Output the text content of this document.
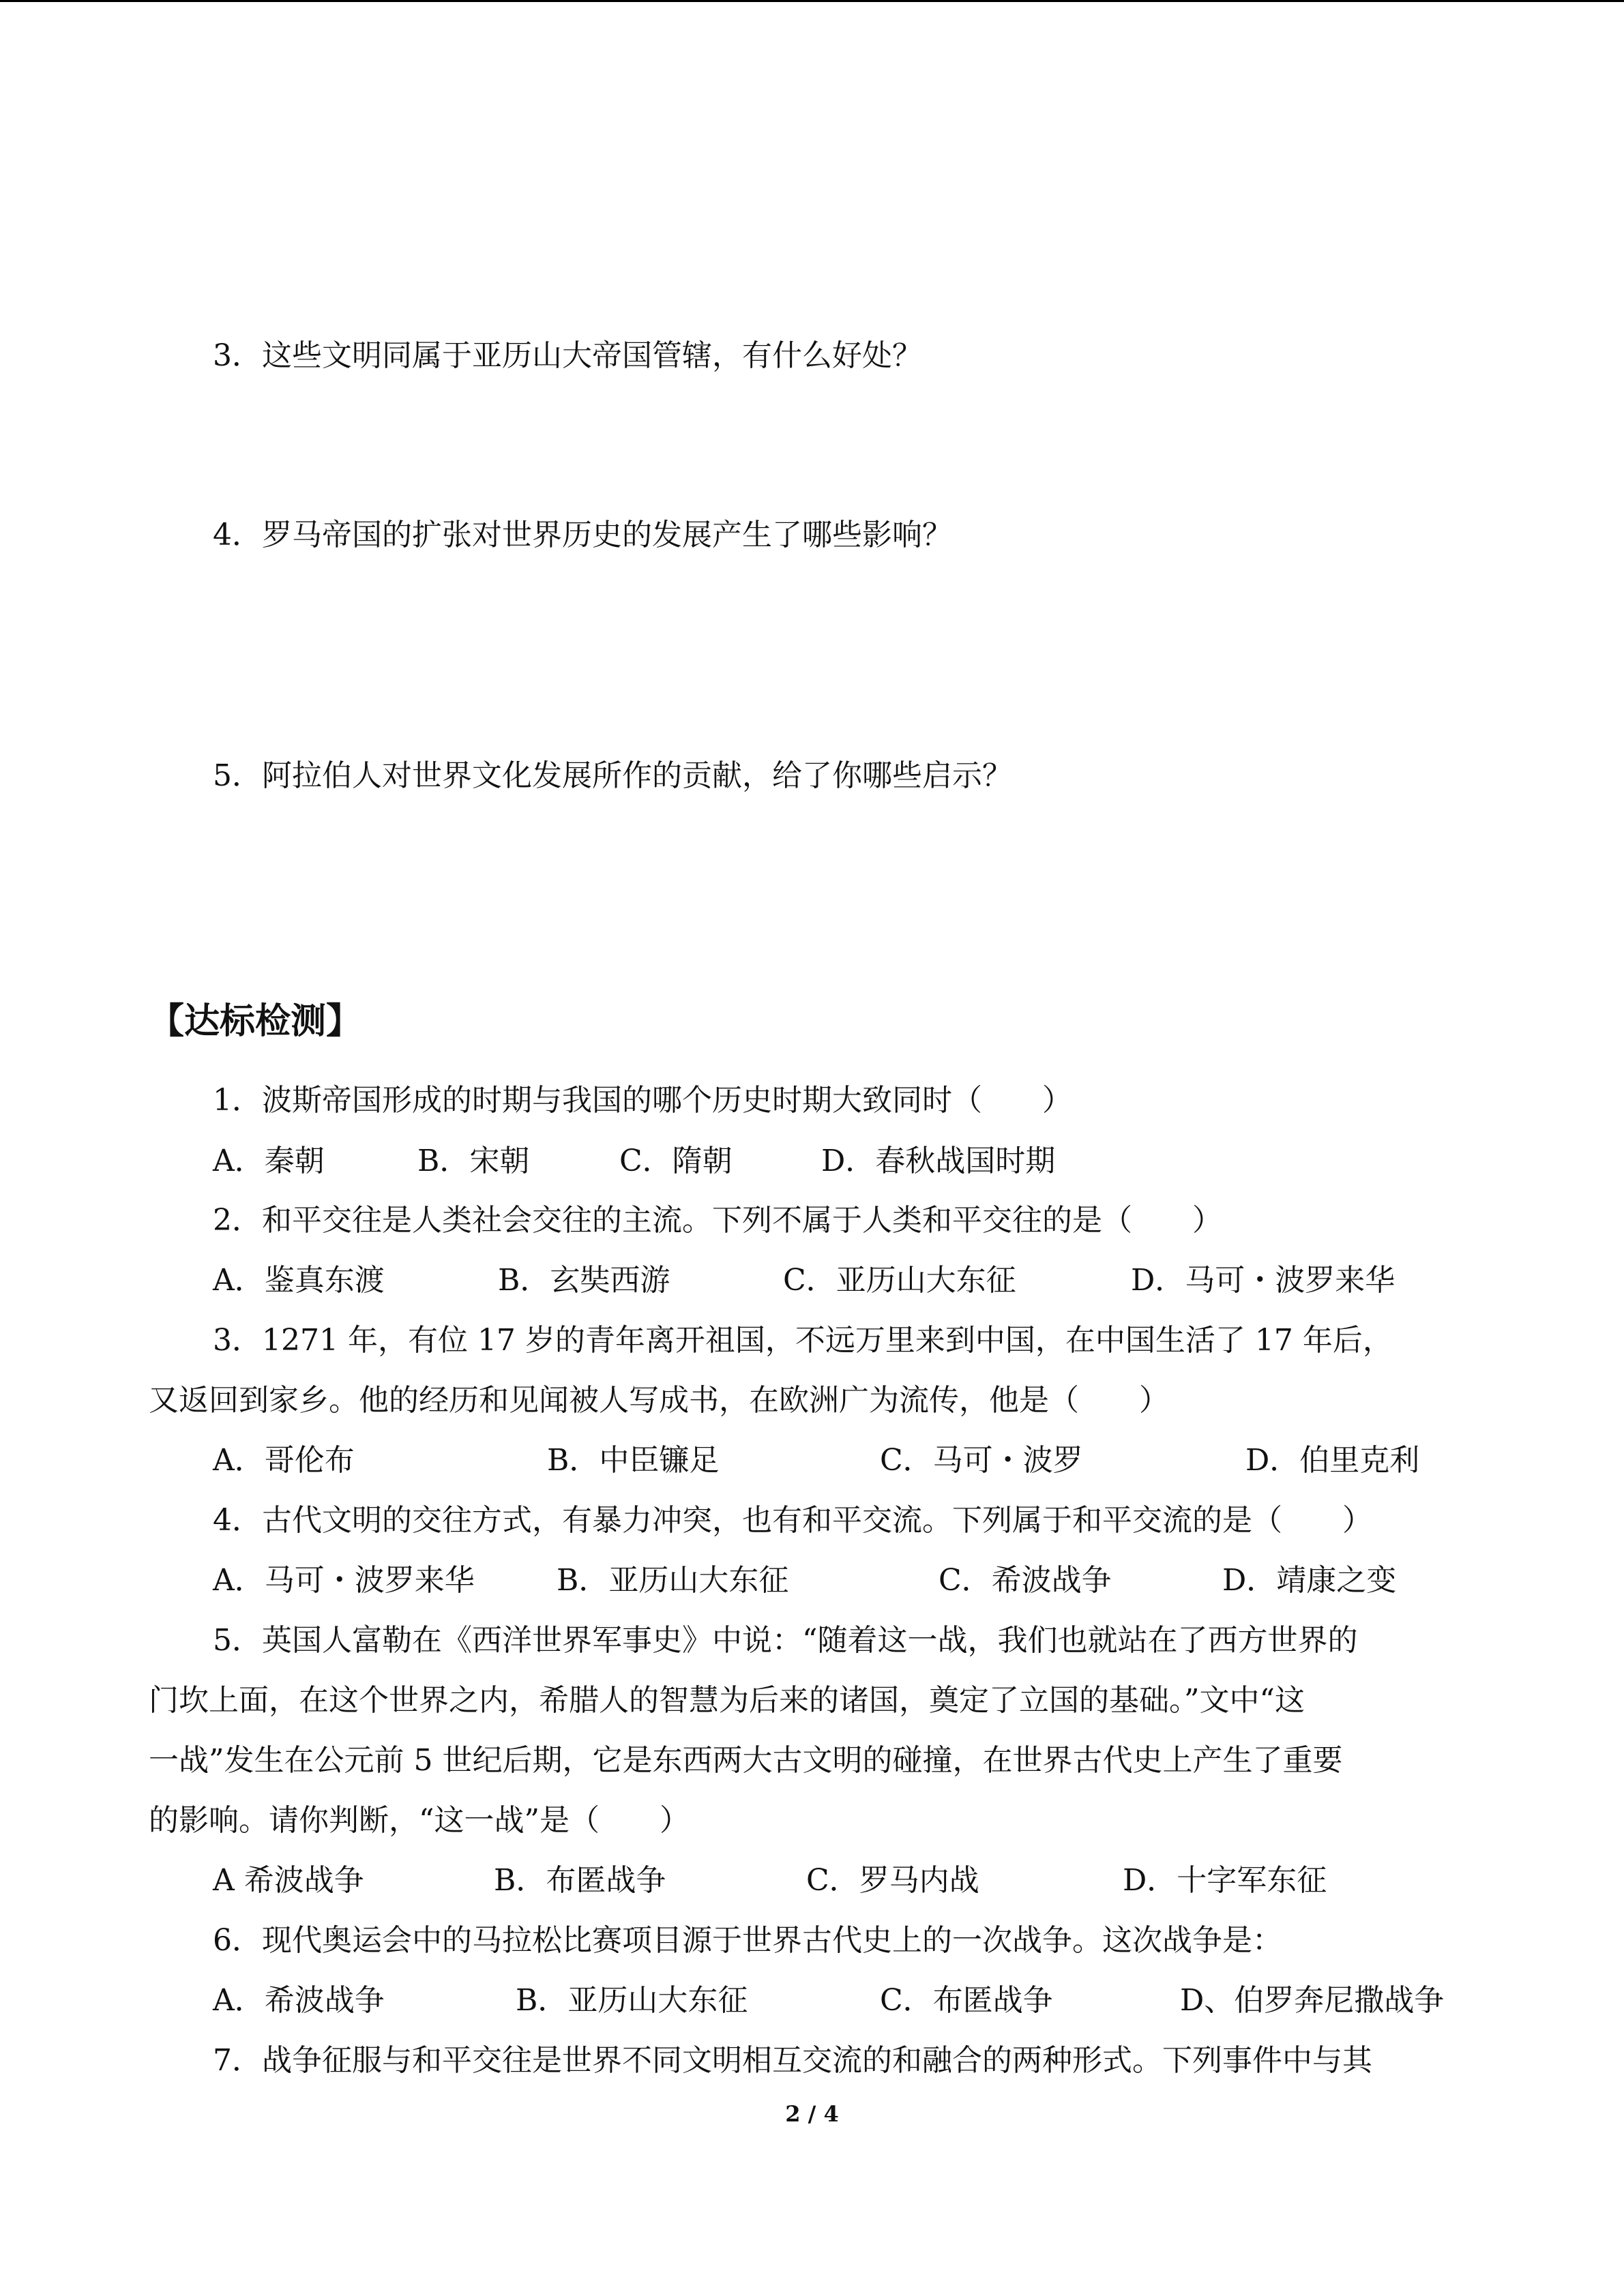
3．这些文明同属于亚历山大帝国管辖，有什么好处？
4．罗马帝国的扩张对世界历史的发展产生了哪些影响？
5．阿拉伯人对世界文化发展所作的贡献，给了你哪些启示？
【达标检测】
1．波斯帝国形成的时期与我国的哪个历史时期大致同时（　　）
A．秦朝	B．宋朝	C．隋朝	D．春秋战国时期
2．和平交往是人类社会交往的主流。下列不属于人类和平交往的是（　　）
A．鉴真东渡	B．玄奘西游	C．亚历山大东征	D．马可・波罗来华
3．1271 年，有位 17 岁的青年离开祖国，不远万里来到中国，在中国生活了 17 年后，
又返回到家乡。他的经历和见闻被人写成书，在欧洲广为流传，他是（　　）
A．哥伦布	B．中臣镰足	C．马可・波罗	D．伯里克利
4．古代文明的交往方式，有暴力冲突，也有和平交流。下列属于和平交流的是（　　）
A．马可・波罗来华	B．亚历山大东征	C．希波战争	D．靖康之变
5．英国人富勒在《西洋世界军事史》中说：“随着这一战，我们也就站在了西方世界的
门坎上面，在这个世界之内，希腊人的智慧为后来的诸国，奠定了立国的基础。”文中“这
一战”发生在公元前 5 世纪后期，它是东西两大古文明的碰撞，在世界古代史上产生了重要
的影响。请你判断，“这一战”是（　　）
A 希波战争	B．布匿战争	C．罗马内战	D．十字军东征
6．现代奥运会中的马拉松比赛项目源于世界古代史上的一次战争。这次战争是：
A．希波战争	B．亚历山大东征	C．布匿战争	D、伯罗奔尼撒战争
7．战争征服与和平交往是世界不同文明相互交流的和融合的两种形式。下列事件中与其
2 / 4
